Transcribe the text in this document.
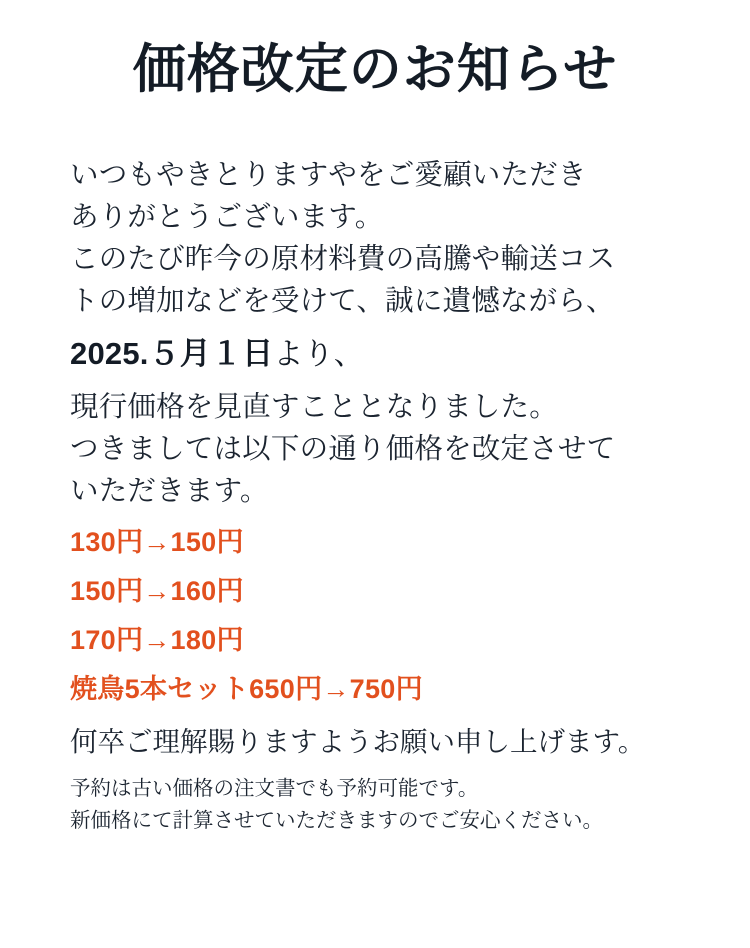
価格改定のお知らせ

いつもやきとりますやをご愛顧いただき

ありがとうございます。

このたび昨今の原材料費の高騰や輸送コス

トの増加などを受けて、誠に遺憾ながら、

2025.５月１日より、

現行価格を見直すこととなりました。

つきましては以下の通り価格を改定させて

いただきます。

130円→150円
150円→160円
170円→180円
焼鳥5本セット650円→750円

何卒ご理解賜りますようお願い申し上げます。

予約は古い価格の注文書でも予約可能です。

新価格にて計算させていただきますのでご安心ください。
